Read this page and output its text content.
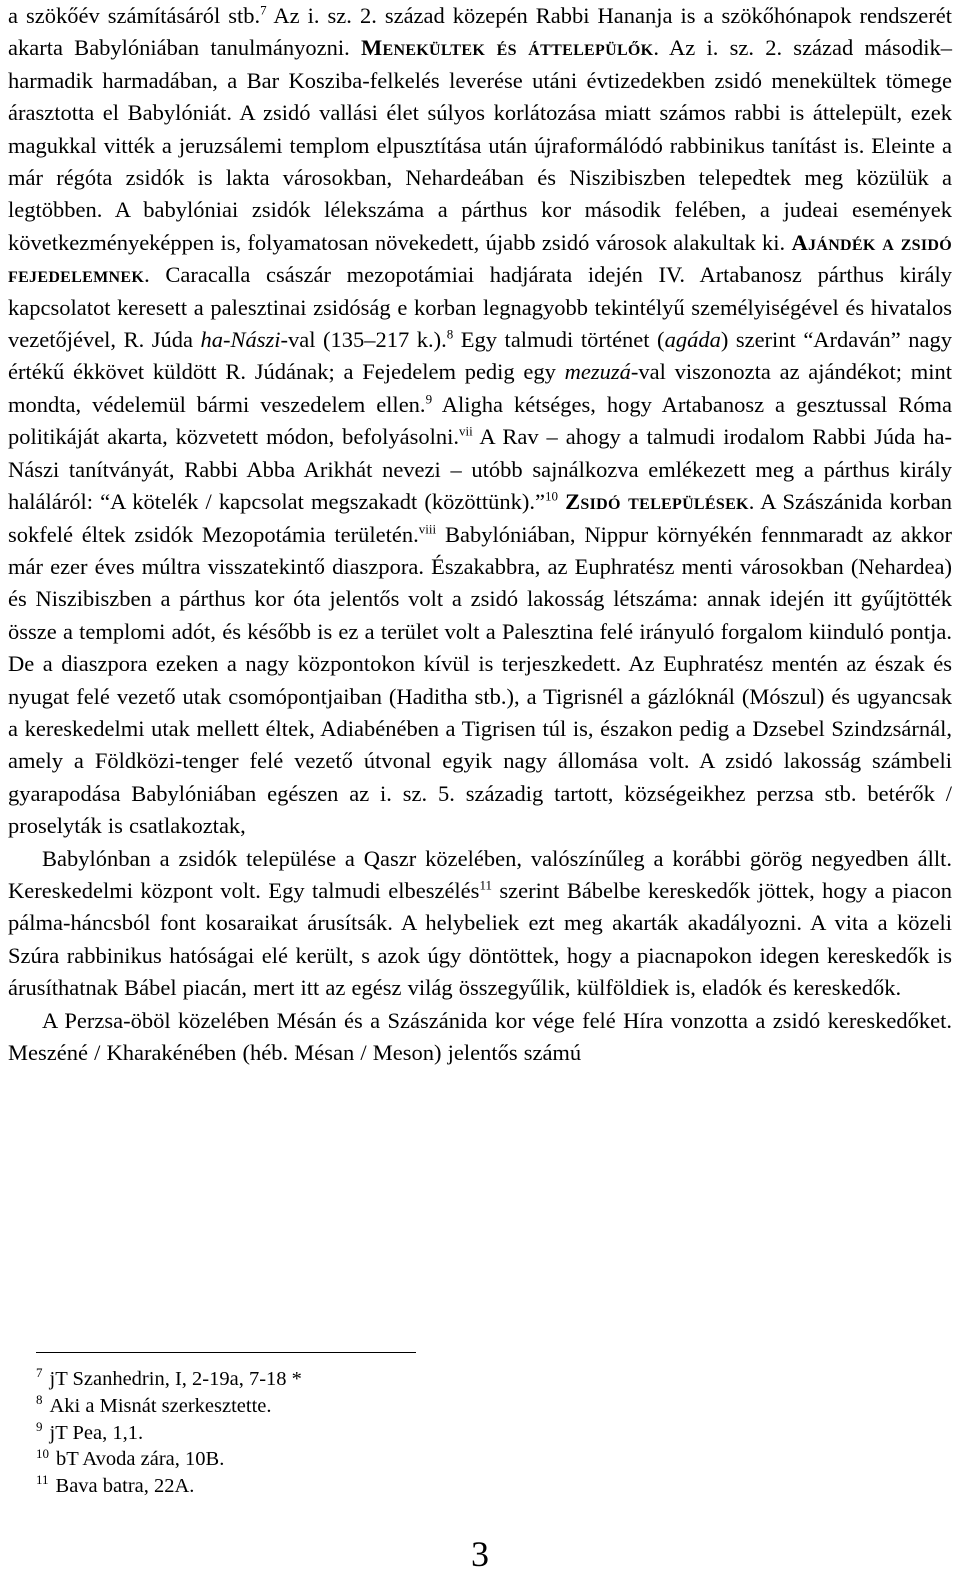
a szökőév számításáról stb.$^7$ Az i. sz. 2. század közepén Rabbi Hananja is a szökőhónapok rendszerét akarta Babylóniában tanulmányozni. Menekültek és áttelepülők. Az i. sz. 2. század második–harmadik harmadában, a Bar Kosziba-felkelés leverése utáni évtizedekben zsidó menekültek tömege árasztotta el Babylóniát. A zsidó vallási élet súlyos korlátozása miatt számos rabbi is áttelepült, ezek magukkal vitték a jeruzsálemi templom elpusztítása után újraformálódó rabbinikus tanítást is. Eleinte a már régóta zsidók is lakta városokban, Nehardeában és Niszibiszben telepedtek meg közülük a legtöbben. A babylóniai zsidók lélekszáma a párthus kor második felében, a judeai események következményeképpen is, folyamatosan növekedett, újabb zsidó városok alakultak ki. Ajándék a zsidó fejedelemnek. Caracalla császár mezopotámiai hadjárata idején IV. Artabanosz párthus király kapcsolatot keresett a palesztinai zsidóság e korban legnagyobb tekintélyű személyiségével és hivatalos vezetőjével, R. Júda ha-Nászi-val (135–217 k.).$^8$ Egy talmudi történet (agáda) szerint “Ardaván” nagy értékű ékkövet küldött R. Júdának; a Fejedelem pedig egy mezuzá-val viszonozta az ajándékot; mint mondta, védelemül bármi veszedelem ellen.$^9$ Aligha kétséges, hogy Artabanosz a gesztussal Róma politikáját akarta, közvetett módon, befolyásolni.$^{vii}$ A Rav – ahogy a talmudi irodalom Rabbi Júda ha-Nászi tanítványát, Rabbi Abba Arikhát nevezi – utóbb sajnálkozva emlékezett meg a párthus király haláláról: “A kötelék / kapcsolat megszakadt (közöttünk).”$^{10}$ Zsidó települések. A Szászánida korban sokfelé éltek zsidók Mezopotámia területén.$^{viii}$ Babylóniában, Nippur környékén fennmaradt az akkor már ezer éves múltra visszatekintő diaszpora. Északabbra, az Euphratész menti városokban (Nehardea) és Niszibiszben a párthus kor óta jelentős volt a zsidó lakosság létszáma: annak idején itt gyűjtötték össze a templomi adót, és később is ez a terület volt a Palesztina felé irányuló forgalom kiinduló pontja. De a diaszpora ezeken a nagy központokon kívül is terjeszkedett. Az Euphratész mentén az észak és nyugat felé vezető utak csomópontjaiban (Haditha stb.), a Tigrisnél a gázlóknál (Mószul) és ugyancsak a kereskedelmi utak mellett éltek, Adiabénében a Tigrisen túl is, északon pedig a Dzsebel Szindzsárnál, amely a Földközi-tenger felé vezető útvonal egyik nagy állomása volt. A zsidó lakosság számbeli gyarapodása Babylóniában egészen az i. sz. 5. századig tartott, községeikhez perzsa stb. betérők / proselyták is csatlakoztak,

Babylónban a zsidók települése a Qaszr közelében, valószínűleg a korábbi görög negyedben állt. Kereskedelmi központ volt. Egy talmudi elbeszélés$^{11}$ szerint Bábelbe kereskedők jöttek, hogy a piacon pálma-háncsból font kosaraikat árusítsák. A helybeliek ezt meg akarták akadályozni. A vita a közeli Szúra rabbinikus hatóságai elé került, s azok úgy döntöttek, hogy a piacnapokon idegen kereskedők is árusíthatnak Bábel piacán, mert itt az egész világ összegyűlik, külföldiek is, eladók és kereskedők.

A Perzsa-öböl közelében Mésán és a Szászánida kor vége felé Híra vonzotta a zsidó kereskedőket. Meszéné / Kharakénében (héb. Mésan / Meson) jelentős számú

$^7$ jT Szanhedrin, I, 2-19a, 7-18 *
$^8$ Aki a Misnát szerkesztette.
$^9$ jT Pea, 1,1.
$^{10}$ bT Avoda zára, 10B.
$^{11}$ Bava batra, 22A.
3
